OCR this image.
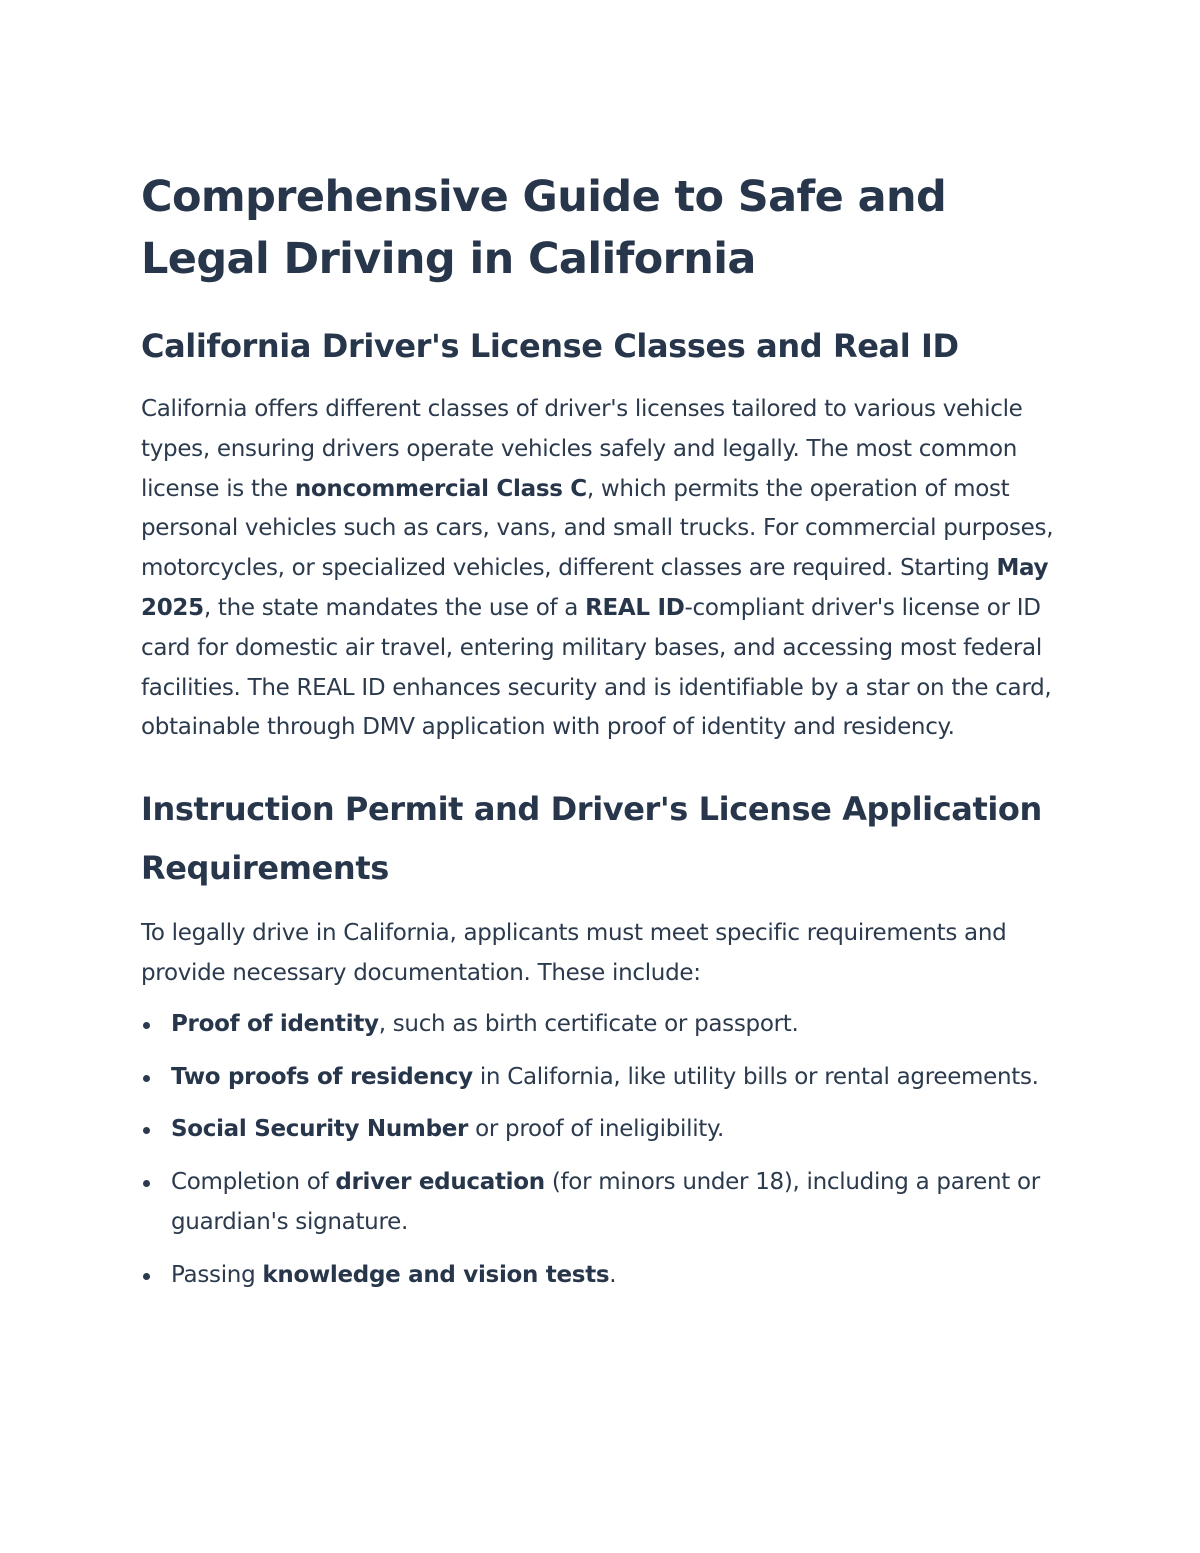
Comprehensive Guide to Safe and Legal Driving in California
California Driver's License Classes and Real ID

California offers different classes of driver's licenses tailored to various vehicle types, ensuring drivers operate vehicles safely and legally. The most common license is the noncommercial Class C, which permits the operation of most personal vehicles such as cars, vans, and small trucks. For commercial purposes, motorcycles, or specialized vehicles, different classes are required. Starting May 2025, the state mandates the use of a REAL ID-compliant driver's license or ID card for domestic air travel, entering military bases, and accessing most federal facilities. The REAL ID enhances security and is identifiable by a star on the card, obtainable through DMV application with proof of identity and residency.

Instruction Permit and Driver's License Application Requirements

To legally drive in California, applicants must meet specific requirements and provide necessary documentation. These include:

Proof of identity, such as birth certificate or passport.
Two proofs of residency in California, like utility bills or rental agreements.
Social Security Number or proof of ineligibility.
Completion of driver education (for minors under 18), including a parent or guardian's signature.
Passing knowledge and vision tests.
